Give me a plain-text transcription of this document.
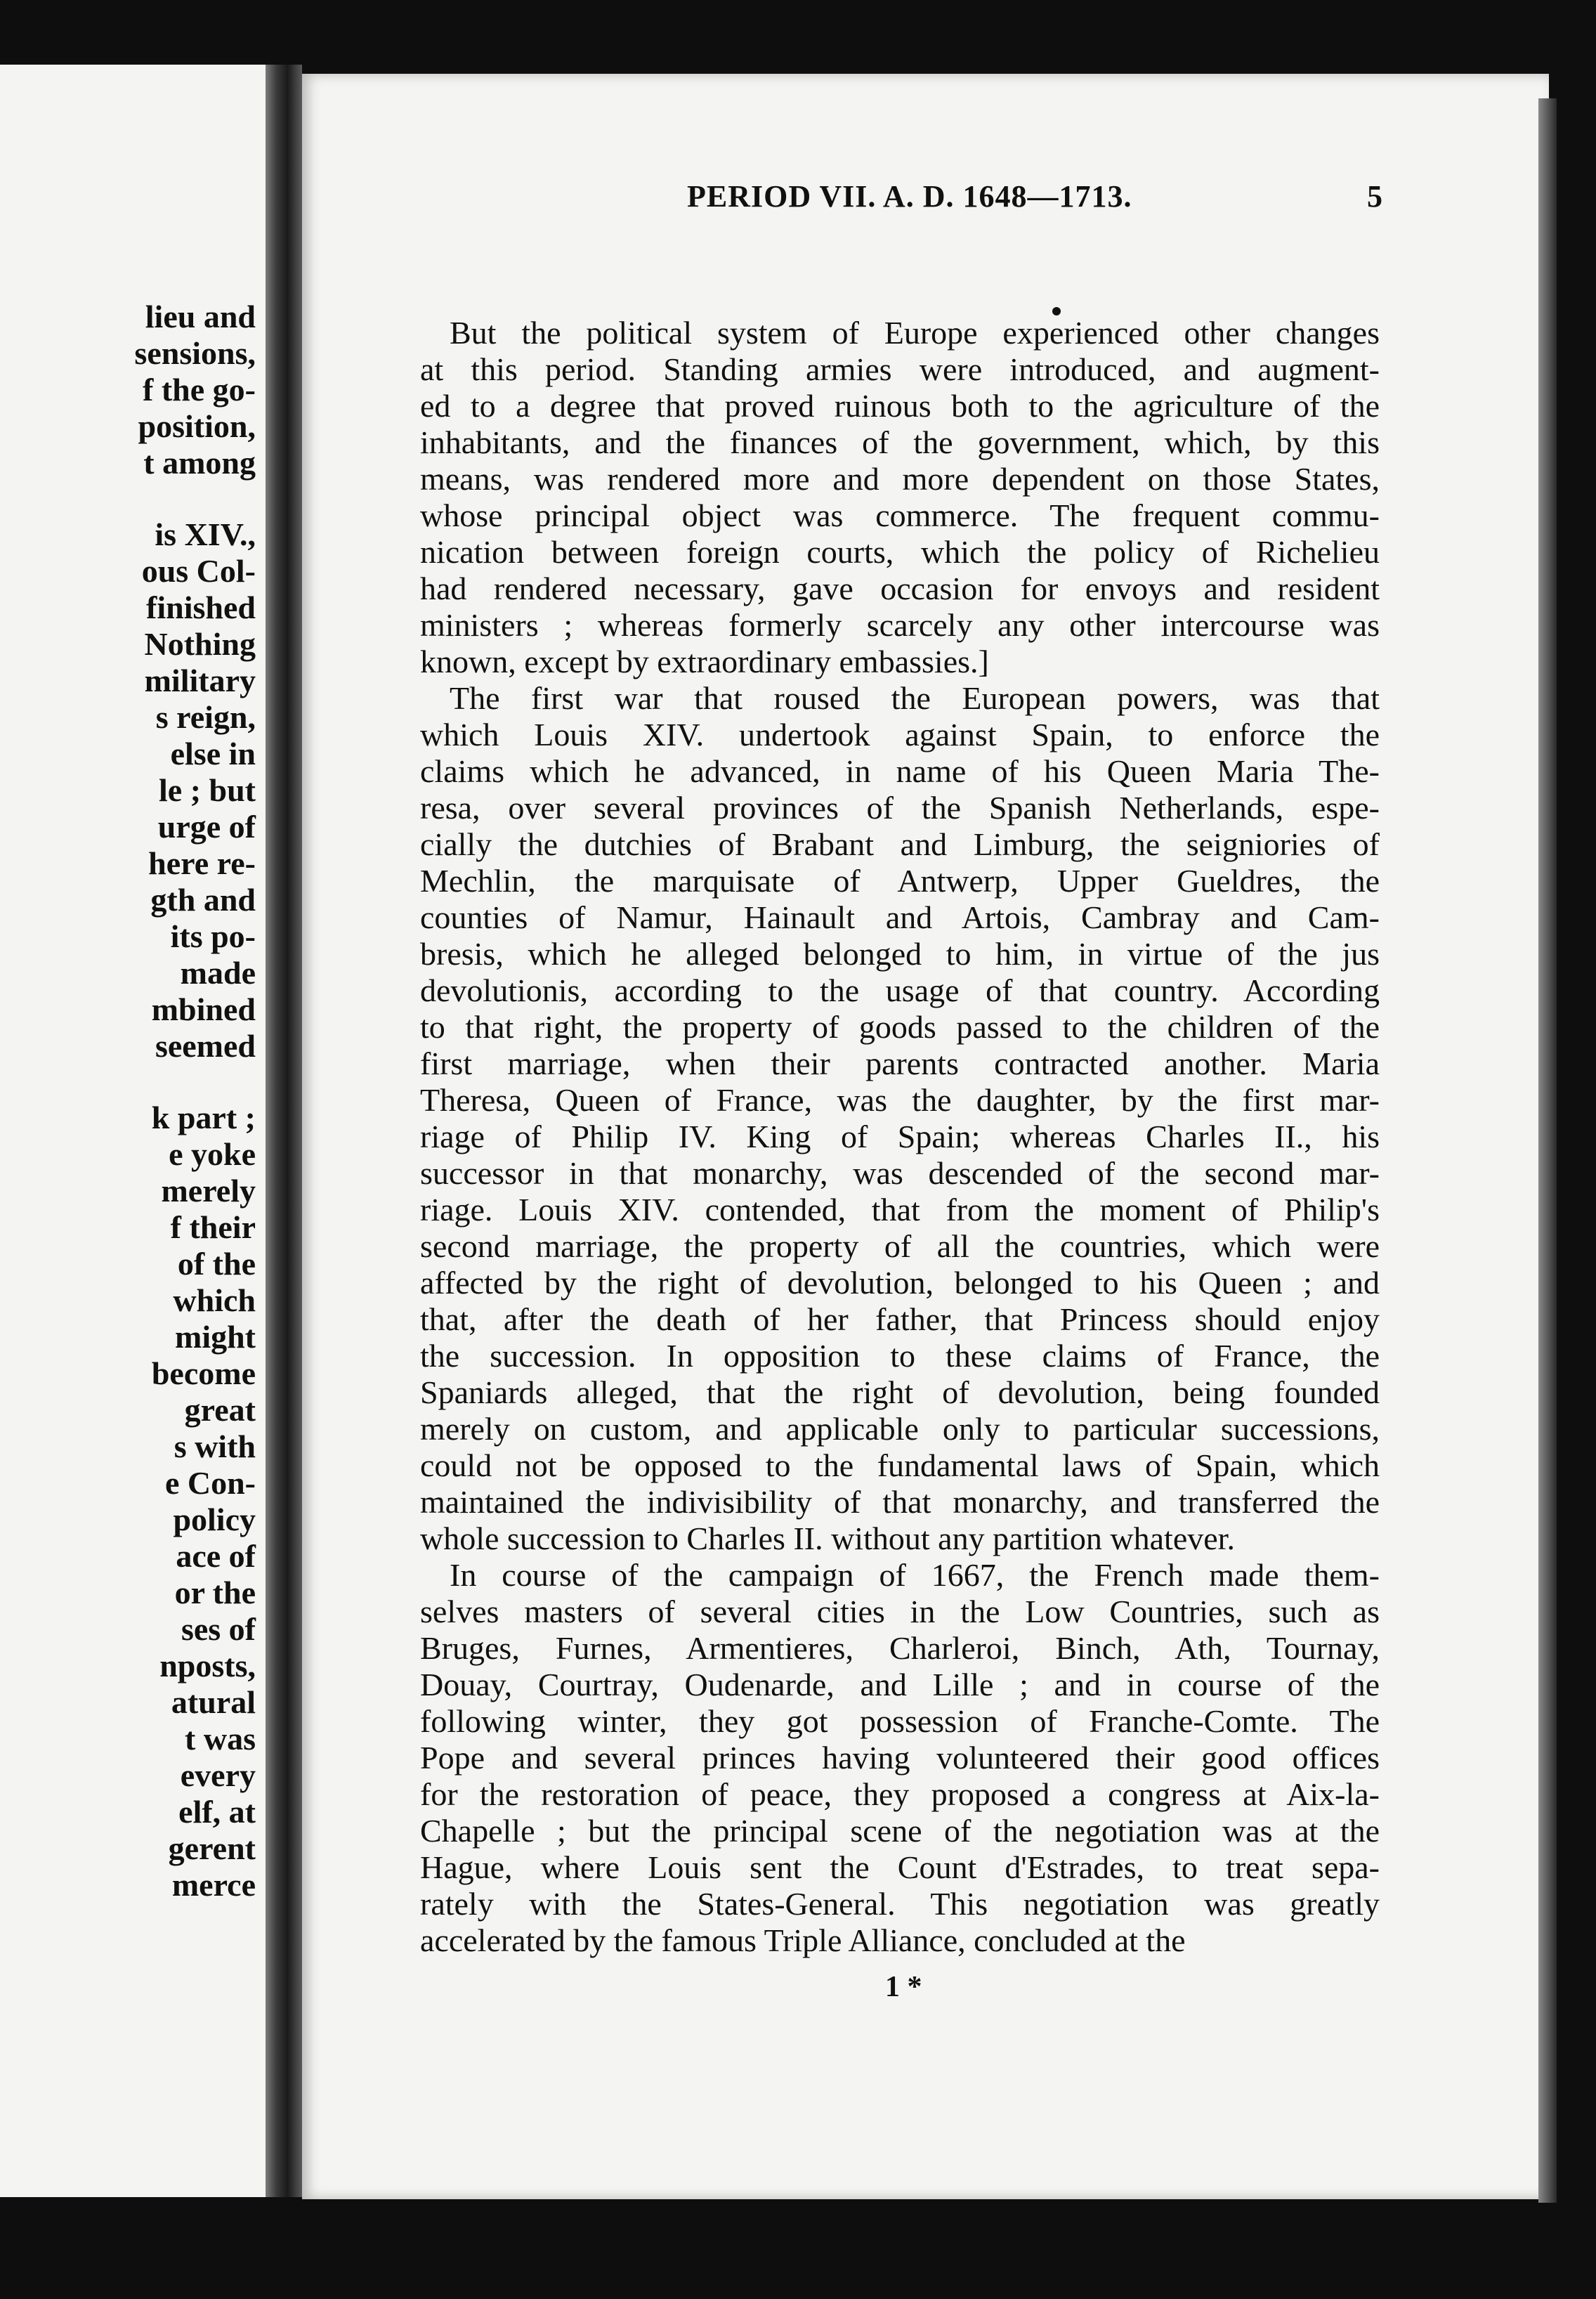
lieu and
sensions,
f the go-
position,
t among
is XIV.,
ous Col-
finished
Nothing
military
s reign,
else in
le ; but
urge of
here re-
gth and
its po-
made
mbined
seemed
k part ;
e yoke
merely
f their
of the
which
might
become
great
s with
e Con-
policy
ace of
or the
ses of
nposts,
atural
t was
every
elf, at
gerent
merce
PERIOD VII. A. D. 1648—1713.	5
But the political system of Europe experienced other changes
at this period. Standing armies were introduced, and augment-
ed to a degree that proved ruinous both to the agriculture of the
inhabitants, and the finances of the government, which, by this
means, was rendered more and more dependent on those States,
whose principal object was commerce. The frequent commu-
nication between foreign courts, which the policy of Richelieu
had rendered necessary, gave occasion for envoys and resident
ministers ; whereas formerly scarcely any other intercourse was
known, except by extraordinary embassies.]
The first war that roused the European powers, was that
which Louis XIV. undertook against Spain, to enforce the
claims which he advanced, in name of his Queen Maria The-
resa, over several provinces of the Spanish Netherlands, espe-
cially the dutchies of Brabant and Limburg, the seigniories of
Mechlin, the marquisate of Antwerp, Upper Gueldres, the
counties of Namur, Hainault and Artois, Cambray and Cam-
bresis, which he alleged belonged to him, in virtue of the jus
devolutionis, according to the usage of that country. According
to that right, the property of goods passed to the children of the
first marriage, when their parents contracted another. Maria
Theresa, Queen of France, was the daughter, by the first mar-
riage of Philip IV. King of Spain; whereas Charles II., his
successor in that monarchy, was descended of the second mar-
riage. Louis XIV. contended, that from the moment of Philip's
second marriage, the property of all the countries, which were
affected by the right of devolution, belonged to his Queen ; and
that, after the death of her father, that Princess should enjoy
the succession. In opposition to these claims of France, the
Spaniards alleged, that the right of devolution, being founded
merely on custom, and applicable only to particular successions,
could not be opposed to the fundamental laws of Spain, which
maintained the indivisibility of that monarchy, and transferred the
whole succession to Charles II. without any partition whatever.
In course of the campaign of 1667, the French made them-
selves masters of several cities in the Low Countries, such as
Bruges, Furnes, Armentieres, Charleroi, Binch, Ath, Tournay,
Douay, Courtray, Oudenarde, and Lille ; and in course of the
following winter, they got possession of Franche-Comte. The
Pope and several princes having volunteered their good offices
for the restoration of peace, they proposed a congress at Aix-la-
Chapelle ; but the principal scene of the negotiation was at the
Hague, where Louis sent the Count d'Estrades, to treat sepa-
rately with the States-General. This negotiation was greatly
accelerated by the famous Triple Alliance, concluded at the
1 *
